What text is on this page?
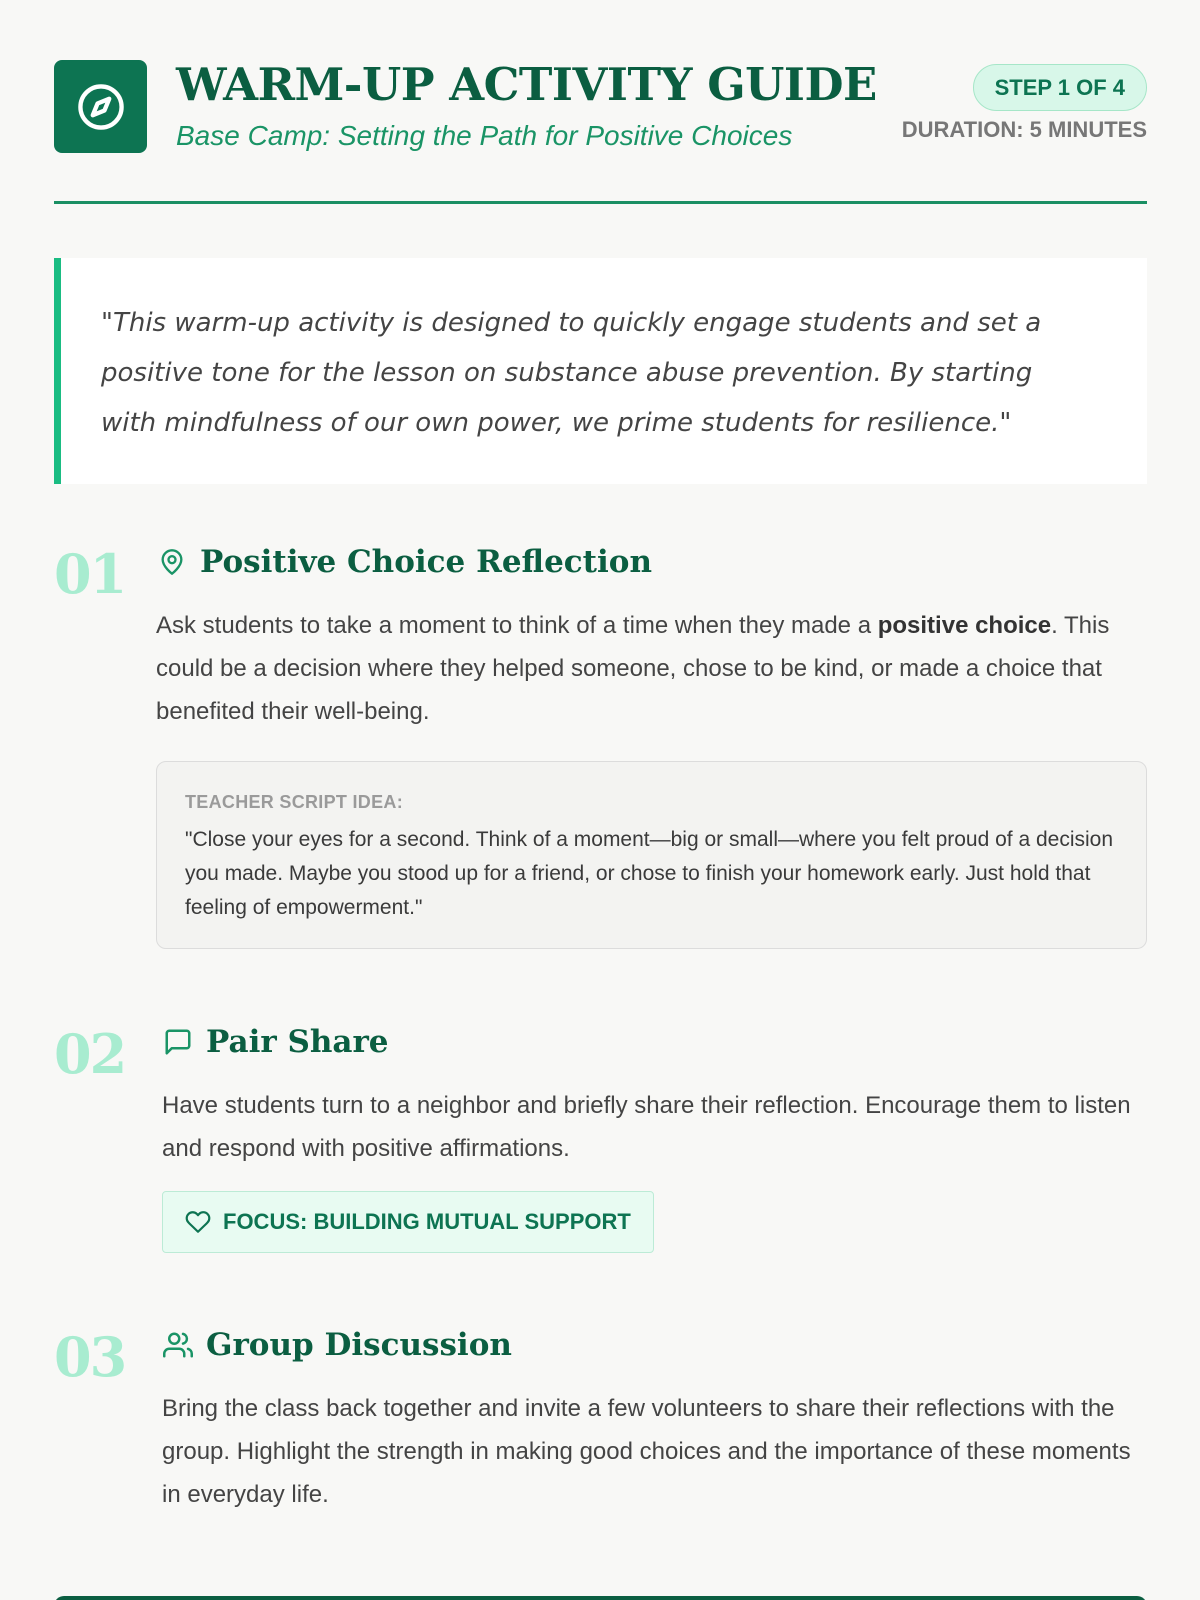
WARM-UP ACTIVITY GUIDE
Base Camp: Setting the Path for Positive Choices
STEP 1 OF 4
DURATION: 5 MINUTES
"This warm-up activity is designed to quickly engage students and set a positive tone for the lesson on substance abuse prevention. By starting with mindfulness of our own power, we prime students for resilience."
01 Positive Choice Reflection
Ask students to take a moment to think of a time when they made a positive choice. This could be a decision where they helped someone, chose to be kind, or made a choice that benefited their well-being.
TEACHER SCRIPT IDEA:
"Close your eyes for a second. Think of a moment—big or small—where you felt proud of a decision you made. Maybe you stood up for a friend, or chose to finish your homework early. Just hold that feeling of empowerment."
02	Pair Share
Have students turn to a neighbor and briefly share their reflection. Encourage them to listen and respond with positive affirmations.
FOCUS: BUILDING MUTUAL SUPPORT
03	Group Discussion
Bring the class back together and invite a few volunteers to share their reflections with the group. Highlight the strength in making good choices and the importance of these moments in everyday life.
